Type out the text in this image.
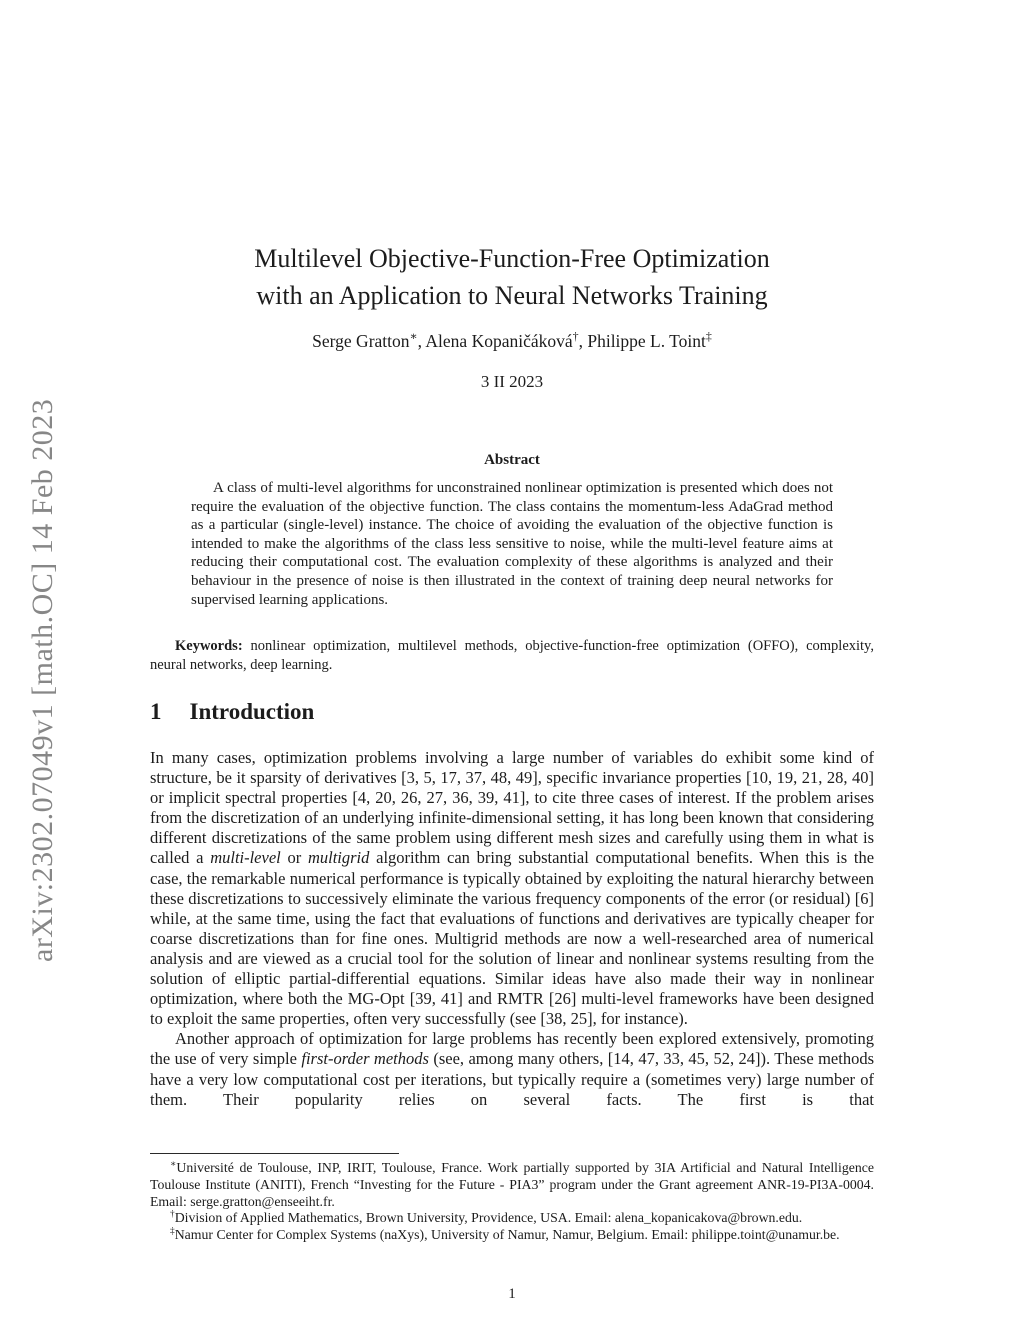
arXiv:2302.07049v1 [math.OC] 14 Feb 2023
Multilevel Objective-Function-Free Optimization
with an Application to Neural Networks Training
Serge Gratton∗, Alena Kopaničáková†, Philippe L. Toint‡
3 II 2023
Abstract
A class of multi-level algorithms for unconstrained nonlinear optimization is presented which does not require the evaluation of the objective function. The class contains the momentum-less AdaGrad method as a particular (single-level) instance. The choice of avoiding the evaluation of the objective function is intended to make the algorithms of the class less sensitive to noise, while the multi-level feature aims at reducing their computational cost. The evaluation complexity of these algorithms is analyzed and their behaviour in the presence of noise is then illustrated in the context of training deep neural networks for supervised learning applications.
Keywords: nonlinear optimization, multilevel methods, objective-function-free optimization (OFFO), complexity, neural networks, deep learning.
1 Introduction

In many cases, optimization problems involving a large number of variables do exhibit some kind of structure, be it sparsity of derivatives [3, 5, 17, 37, 48, 49], specific invariance properties [10, 19, 21, 28, 40] or implicit spectral properties [4, 20, 26, 27, 36, 39, 41], to cite three cases of interest. If the problem arises from the discretization of an underlying infinite-dimensional setting, it has long been known that considering different discretizations of the same problem using different mesh sizes and carefully using them in what is called a multi-level or multigrid algorithm can bring substantial computational benefits. When this is the case, the remarkable numerical performance is typically obtained by exploiting the natural hierarchy between these discretizations to successively eliminate the various frequency components of the error (or residual) [6] while, at the same time, using the fact that evaluations of functions and derivatives are typically cheaper for coarse discretizations than for fine ones. Multigrid methods are now a well-researched area of numerical analysis and are viewed as a crucial tool for the solution of linear and nonlinear systems resulting from the solution of elliptic partial-differential equations. Similar ideas have also made their way in nonlinear optimization, where both the MG-Opt [39, 41] and RMTR [26] multi-level frameworks have been designed to exploit the same properties, often very successfully (see [38, 25], for instance).

Another approach of optimization for large problems has recently been explored extensively, promoting the use of very simple first-order methods (see, among many others, [14, 47, 33, 45, 52, 24]). These methods have a very low computational cost per iterations, but typically require a (sometimes very) large number of them. Their popularity relies on several facts. The first is that

∗Université de Toulouse, INP, IRIT, Toulouse, France. Work partially supported by 3IA Artificial and Natural Intelligence Toulouse Institute (ANITI), French “Investing for the Future - PIA3” program under the Grant agreement ANR-19-PI3A-0004. Email: serge.gratton@enseeiht.fr.

†Division of Applied Mathematics, Brown University, Providence, USA. Email: alena_kopanicakova@brown.edu.

‡Namur Center for Complex Systems (naXys), University of Namur, Namur, Belgium. Email: philippe.toint@unamur.be.

1
